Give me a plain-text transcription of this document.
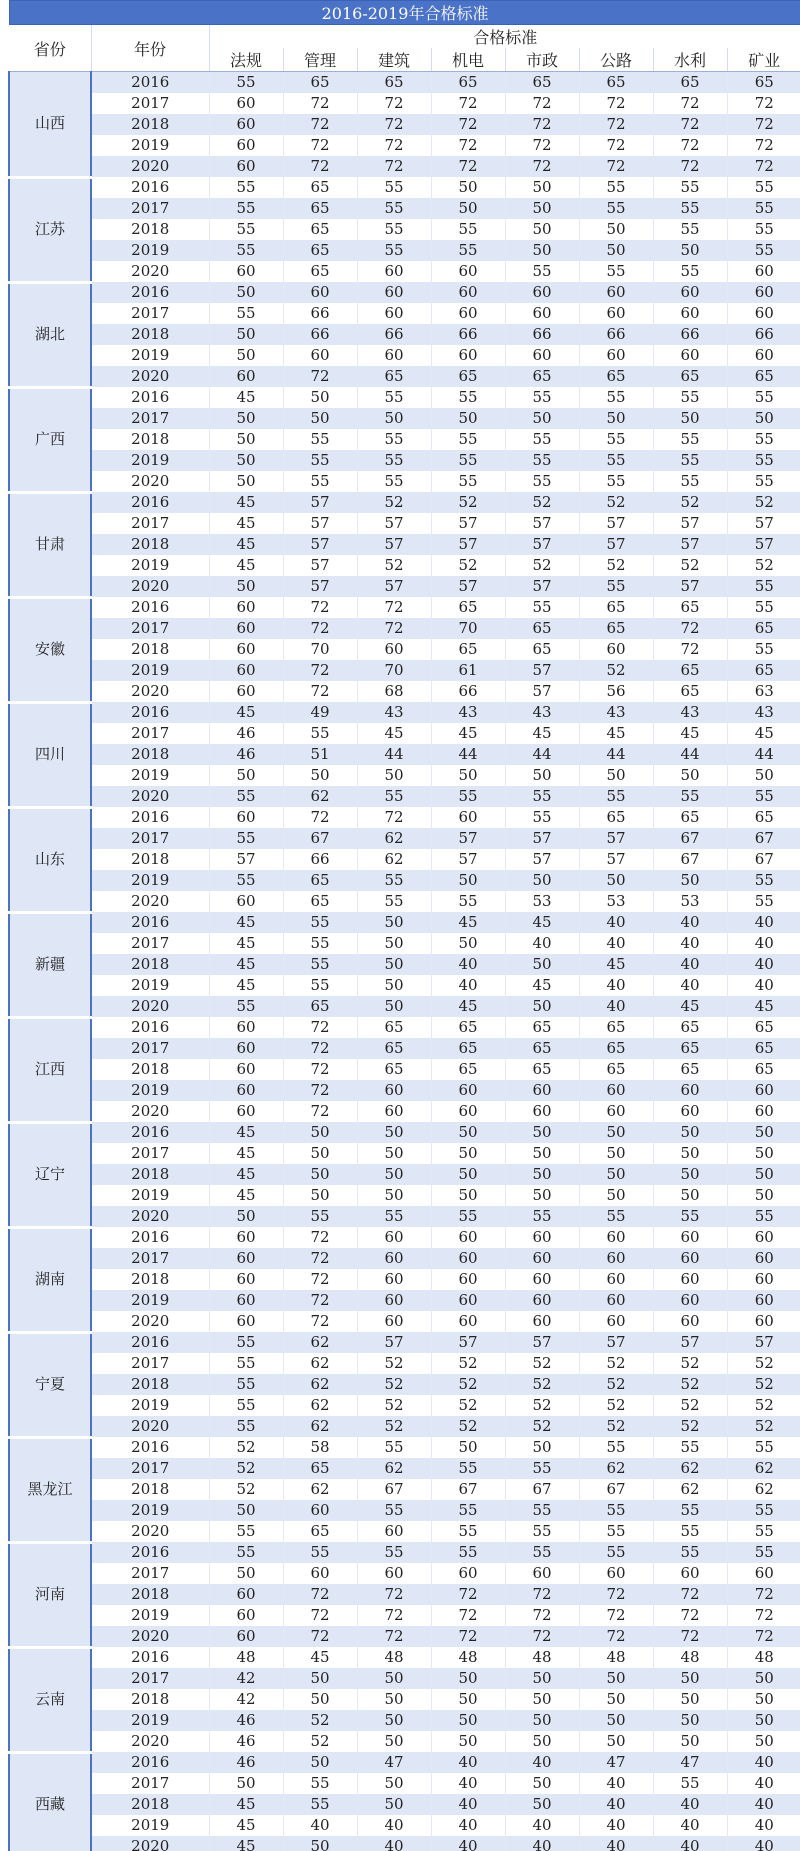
2016-2019年合格标准									
省份	年份	合格标准							
		法规	管理	建筑	机电	市政	公路	水利	矿业
山西	2016	55	65	65	65	65	65	65	65
	2017	60	72	72	72	72	72	72	72
	2018	60	72	72	72	72	72	72	72
	2019	60	72	72	72	72	72	72	72
	2020	60	72	72	72	72	72	72	72
江苏	2016	55	65	55	50	50	55	55	55
	2017	55	65	55	50	50	55	55	55
	2018	55	65	55	55	50	50	55	55
	2019	55	65	55	55	50	50	50	55
	2020	60	65	60	60	55	55	55	60
湖北	2016	50	60	60	60	60	60	60	60
	2017	55	66	60	60	60	60	60	60
	2018	50	66	66	66	66	66	66	66
	2019	50	60	60	60	60	60	60	60
	2020	60	72	65	65	65	65	65	65
广西	2016	45	50	55	55	55	55	55	55
	2017	50	50	50	50	50	50	50	50
	2018	50	55	55	55	55	55	55	55
	2019	50	55	55	55	55	55	55	55
	2020	50	55	55	55	55	55	55	55
甘肃	2016	45	57	52	52	52	52	52	52
	2017	45	57	57	57	57	57	57	57
	2018	45	57	57	57	57	57	57	57
	2019	45	57	52	52	52	52	52	52
	2020	50	57	57	57	57	55	57	55
安徽	2016	60	72	72	65	55	65	65	55
	2017	60	72	72	70	65	65	72	65
	2018	60	70	60	65	65	60	72	55
	2019	60	72	70	61	57	52	65	65
	2020	60	72	68	66	57	56	65	63
四川	2016	45	49	43	43	43	43	43	43
	2017	46	55	45	45	45	45	45	45
	2018	46	51	44	44	44	44	44	44
	2019	50	50	50	50	50	50	50	50
	2020	55	62	55	55	55	55	55	55
山东	2016	60	72	72	60	55	65	65	65
	2017	55	67	62	57	57	57	67	67
	2018	57	66	62	57	57	57	67	67
	2019	55	65	55	50	50	50	50	55
	2020	60	65	55	55	53	53	53	55
新疆	2016	45	55	50	45	45	40	40	40
	2017	45	55	50	50	40	40	40	40
	2018	45	55	50	40	50	45	40	40
	2019	45	55	50	40	45	40	40	40
	2020	55	65	50	45	50	40	45	45
江西	2016	60	72	65	65	65	65	65	65
	2017	60	72	65	65	65	65	65	65
	2018	60	72	65	65	65	65	65	65
	2019	60	72	60	60	60	60	60	60
	2020	60	72	60	60	60	60	60	60
辽宁	2016	45	50	50	50	50	50	50	50
	2017	45	50	50	50	50	50	50	50
	2018	45	50	50	50	50	50	50	50
	2019	45	50	50	50	50	50	50	50
	2020	50	55	55	55	55	55	55	55
湖南	2016	60	72	60	60	60	60	60	60
	2017	60	72	60	60	60	60	60	60
	2018	60	72	60	60	60	60	60	60
	2019	60	72	60	60	60	60	60	60
	2020	60	72	60	60	60	60	60	60
宁夏	2016	55	62	57	57	57	57	57	57
	2017	55	62	52	52	52	52	52	52
	2018	55	62	52	52	52	52	52	52
	2019	55	62	52	52	52	52	52	52
	2020	55	62	52	52	52	52	52	52
黑龙江	2016	52	58	55	50	50	55	55	55
	2017	52	65	62	55	55	62	62	62
	2018	52	62	67	67	67	67	62	62
	2019	50	60	55	55	55	55	55	55
	2020	55	65	60	55	55	55	55	55
河南	2016	55	55	55	55	55	55	55	55
	2017	50	60	60	60	60	60	60	60
	2018	60	72	72	72	72	72	72	72
	2019	60	72	72	72	72	72	72	72
	2020	60	72	72	72	72	72	72	72
云南	2016	48	45	48	48	48	48	48	48
	2017	42	50	50	50	50	50	50	50
	2018	42	50	50	50	50	50	50	50
	2019	46	52	50	50	50	50	50	50
	2020	46	52	50	50	50	50	50	50
西藏	2016	46	50	47	40	40	47	47	40
	2017	50	55	50	40	50	40	55	40
	2018	45	55	50	40	50	40	40	40
	2019	45	40	40	40	40	40	40	40
	2020	45	50	40	40	40	40	40	40
